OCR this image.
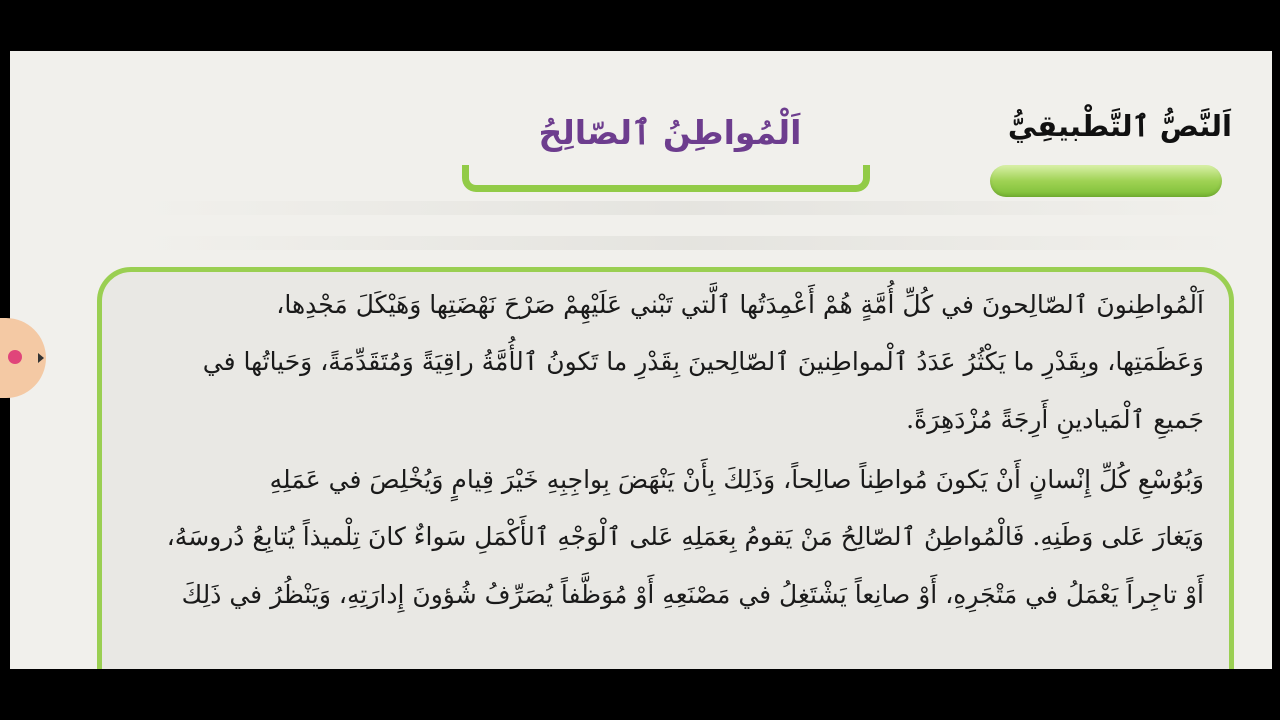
اَلنَّصُّ ٱلتَّطْبيقِيُّ
اَلْمُواطِنُ ٱلصّالِحُ
اَلْمُواطِنونَ ٱلصّالِحونَ في كُلِّ أُمَّةٍ هُمْ أَعْمِدَتُها ٱلَّتي تَبْني عَلَيْهِمْ صَرْحَ نَهْضَتِها وَهَيْكَلَ مَجْدِها،
وَعَظَمَتِها، وبِقَدْرِ ما يَكْثُرُ عَدَدُ ٱلْمواطِنينَ ٱلصّالِحينَ بِقَدْرِ ما تَكونُ ٱلأُمَّةُ راقِيَةً وَمُتَقَدِّمَةً، وَحَياتُها في
جَميعِ ٱلْمَيادينِ أَرِجَةً مُزْدَهِرَةً.
وَبُوُسْعِ كُلِّ إِنْسانٍ أَنْ يَكونَ مُواطِناً صالِحاً، وَذَلِكَ بِأَنْ يَنْهَضَ بِواجِبِهِ خَيْرَ قِيامٍ وَيُخْلِصَ في عَمَلِهِ
وَيَغارَ عَلى وَطَنِهِ. فَالْمُواطِنُ ٱلصّالِحُ مَنْ يَقومُ بِعَمَلِهِ عَلى ٱلْوَجْهِ ٱلأَكْمَلِ سَواءٌ كانَ تِلْميذاً يُتابِعُ دُروسَهُ،
أَوْ تاجِراً يَعْمَلُ في مَتْجَرِهِ، أَوْ صانِعاً يَشْتَغِلُ في مَصْنَعِهِ أَوْ مُوَظَّفاً يُصَرِّفُ شُؤونَ إِدارَتِهِ، وَيَنْظُرُ في ذَلِكَ
